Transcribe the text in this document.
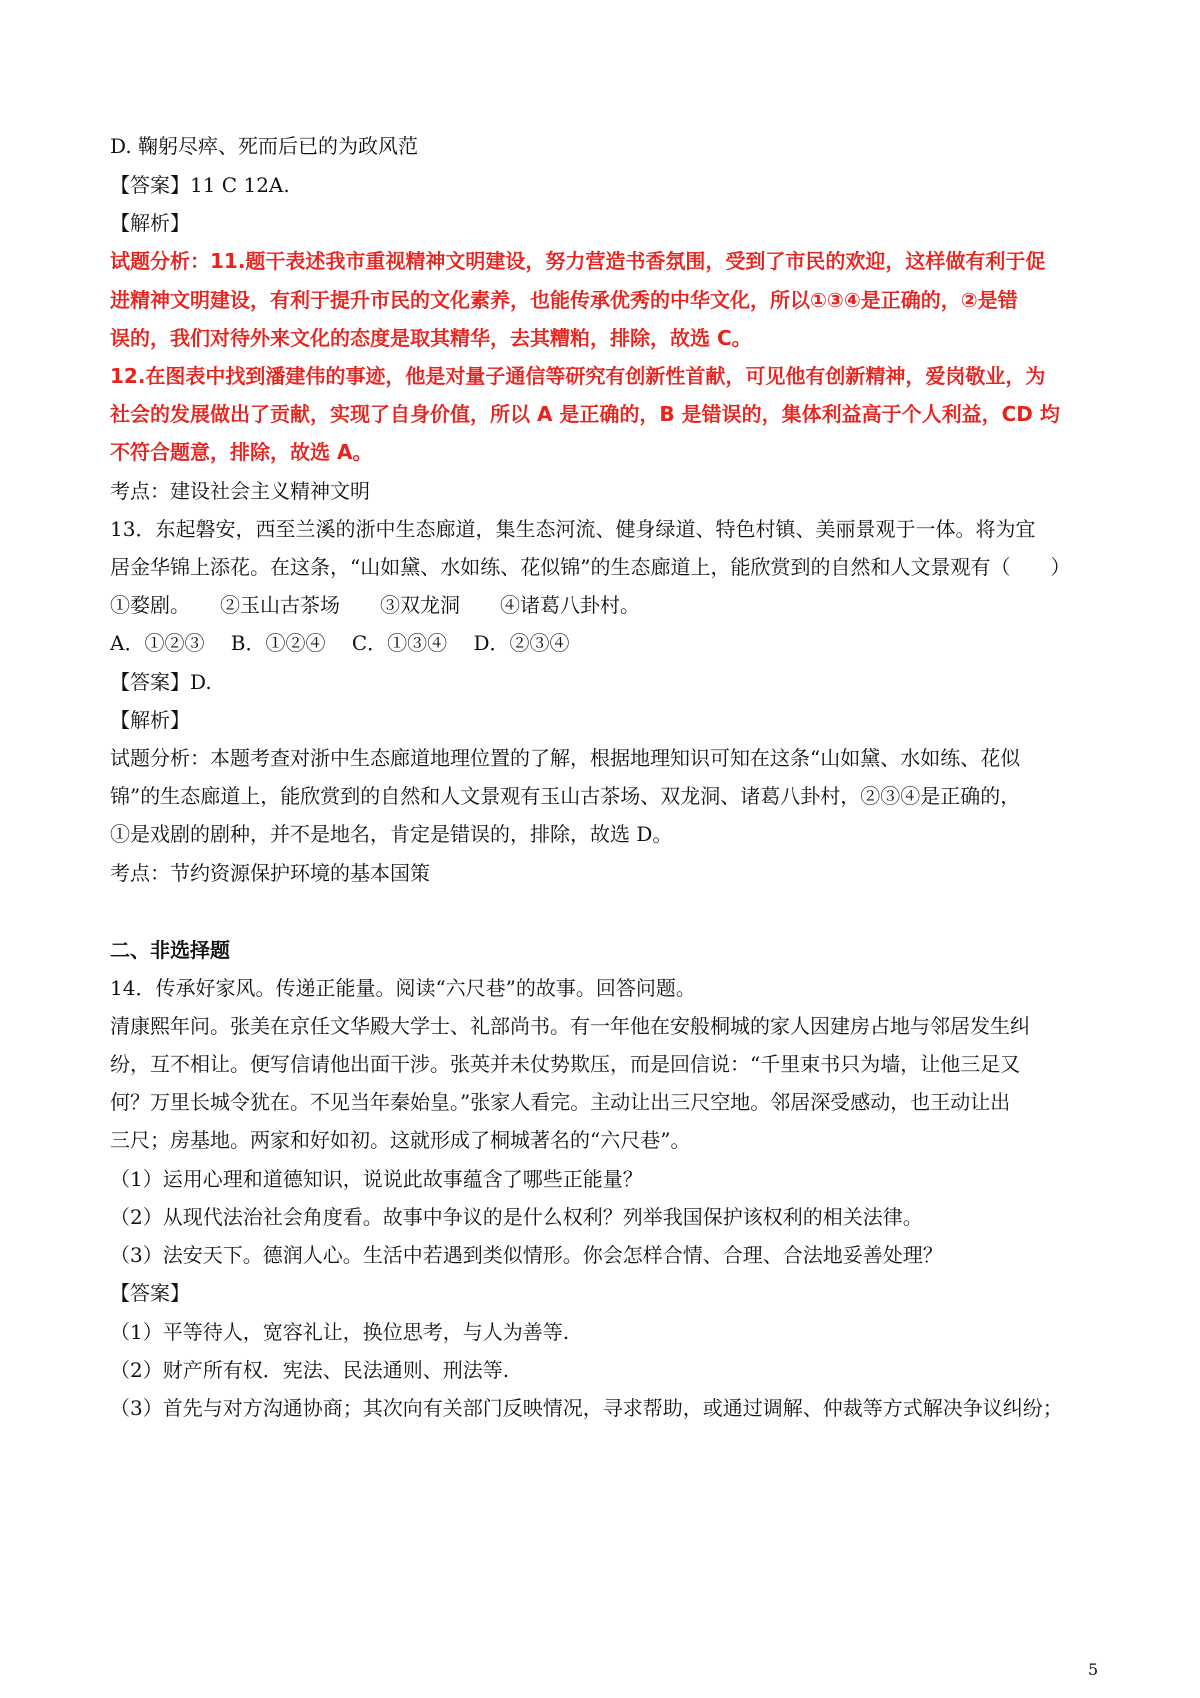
D. 鞠躬尽瘁、死而后已的为政风范
【答案】11 C 12A.
【解析】
试题分析：11.题干表述我市重视精神文明建设，努力营造书香氛围，受到了市民的欢迎，这样做有利于促
进精神文明建设，有利于提升市民的文化素养，也能传承优秀的中华文化，所以①③④是正确的，②是错
误的，我们对待外来文化的态度是取其精华，去其糟粕，排除，故选 C。
12.在图表中找到潘建伟的事迹，他是对量子通信等研究有创新性首献，可见他有创新精神，爱岗敬业，为
社会的发展做出了贡献，实现了自身价值，所以 A 是正确的，B 是错误的，集体利益高于个人利益，CD 均
不符合题意，排除，故选 A。
考点：建设社会主义精神文明
13．东起磐安，西至兰溪的浙中生态廊道，集生态河流、健身绿道、特色村镇、美丽景观于一体。将为宜
居金华锦上添花。在这条，“山如黛、水如练、花似锦”的生态廊道上，能欣赏到的自然和人文景观有（　　）
①婺剧。　　②玉山古茶场　　③双龙洞　　④诸葛八卦村。
A．①②③　 B．①②④　 C．①③④　 D．②③④
【答案】D.
【解析】
试题分析：本题考查对浙中生态廊道地理位置的了解，根据地理知识可知在这条“山如黛、水如练、花似
锦”的生态廊道上，能欣赏到的自然和人文景观有玉山古茶场、双龙洞、诸葛八卦村，②③④是正确的，
①是戏剧的剧种，并不是地名，肯定是错误的，排除，故选 D。
考点：节约资源保护环境的基本国策
二、非选择题
14．传承好家风。传递正能量。阅读“六尺巷”的故事。回答问题。
清康熙年问。张美在京任文华殿大学士、礼部尚书。有一年他在安般桐城的家人因建房占地与邻居发生纠
纷，互不相让。便写信请他出面干涉。张英并未仗势欺压，而是回信说：“千里束书只为墙，让他三足又
何？万里长城令犹在。不见当年秦始皇。”张家人看完。主动让出三尺空地。邻居深受感动，也王动让出
三尺；房基地。两家和好如初。这就形成了桐城著名的“六尺巷”。
（1）运用心理和道德知识，说说此故事蕴含了哪些正能量？
（2）从现代法治社会角度看。故事中争议的是什么权利？列举我国保护该权利的相关法律。
（3）法安天下。德润人心。生活中若遇到类似情形。你会怎样合情、合理、合法地妥善处理？
【答案】
（1）平等待人，宽容礼让，换位思考，与人为善等.
（2）财产所有权．宪法、民法通则、刑法等.
（3）首先与对方沟通协商；其次向有关部门反映情况，寻求帮助，或通过调解、仲裁等方式解决争议纠纷；
5
